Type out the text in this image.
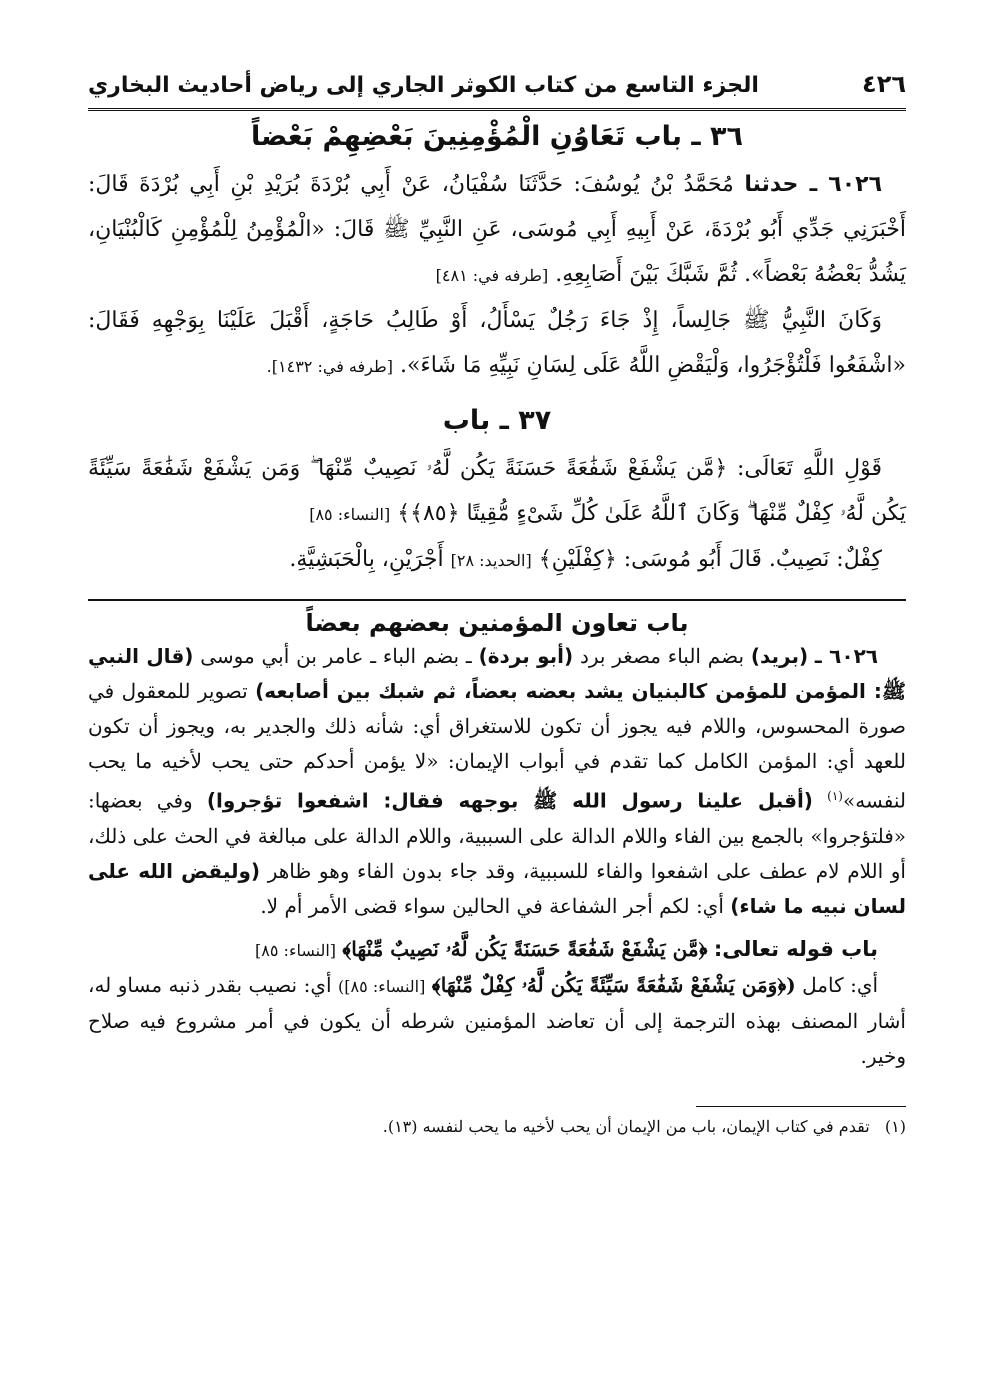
٤٢٦
الجزء التاسع من كتاب الكوثر الجاري إلى رياض أحاديث البخاري
٣٦ ـ باب تَعَاوُنِ الْمُؤْمِنِينَ بَعْضِهِمْ بَعْضاً

٦٠٢٦ ـ حدثنا مُحَمَّدُ بْنُ يُوسُفَ: حَدَّثَنَا سُفْيَانُ، عَنْ أَبِي بُرْدَةَ بُرَيْدِ بْنِ أَبِي بُرْدَةَ قَالَ: أَخْبَرَنِي جَدِّي أَبُو بُرْدَةَ، عَنْ أَبِيهِ أَبِي مُوسَى، عَنِ النَّبِيِّ ﷺ قَالَ: «الْمُؤْمِنُ لِلْمُؤْمِنِ كَالْبُنْيَانِ، يَشُدُّ بَعْضُهُ بَعْضاً». ثُمَّ شَبَّكَ بَيْنَ أَصَابِعِهِ. [طرفه في: ٤٨١]

وَكَانَ النَّبِيُّ ﷺ جَالِساً، إِذْ جَاءَ رَجُلٌ يَسْأَلُ، أَوْ طَالِبُ حَاجَةٍ، أَقْبَلَ عَلَيْنَا بِوَجْهِهِ فَقَالَ: «اشْفَعُوا فَلْتُؤْجَرُوا، وَلْيَقْضِ اللَّهُ عَلَى لِسَانِ نَبِيِّهِ مَا شَاءَ». [طرفه في: ١٤٣٢].

٣٧ ـ باب

قَوْلِ اللَّهِ تَعَالَى: ﴿مَّن يَشْفَعْ شَفَٰعَةً حَسَنَةً يَكُن لَّهُۥ نَصِيبٌ مِّنْهَا ۖ وَمَن يَشْفَعْ شَفَٰعَةً سَيِّئَةً يَكُن لَّهُۥ كِفْلٌ مِّنْهَا ۗ وَكَانَ ٱللَّهُ عَلَىٰ كُلِّ شَىْءٍ مُّقِيتًا ﴿٨٥﴾﴾ [النساء: ٨٥]

كِفْلٌ: نَصِيبٌ. قَالَ أَبُو مُوسَى: ﴿كِفْلَيْنِ﴾ [الحديد: ٢٨] أَجْرَيْنِ، بِالْحَبَشِيَّةِ.

باب تعاون المؤمنين بعضهم بعضاً

٦٠٢٦ ـ (بريد) بضم الباء مصغر برد (أبو بردة) ـ بضم الباء ـ عامر بن أبي موسى (قال النبي ﷺ: المؤمن للمؤمن كالبنيان يشد بعضه بعضاً، ثم شبك بين أصابعه) تصوير للمعقول في صورة المحسوس، واللام فيه يجوز أن تكون للاستغراق أي: شأنه ذلك والجدير به، ويجوز أن تكون للعهد أي: المؤمن الكامل كما تقدم في أبواب الإيمان: «لا يؤمن أحدكم حتى يحب لأخيه ما يحب لنفسه»$^{(١)}$ (أقبل علينا رسول الله ﷺ بوجهه فقال: اشفعوا تؤجروا) وفي بعضها: «فلتؤجروا» بالجمع بين الفاء واللام الدالة على السببية، واللام الدالة على مبالغة في الحث على ذلك، أو اللام لام عطف على اشفعوا والفاء للسببية، وقد جاء بدون الفاء وهو ظاهر (وليقض الله على لسان نبيه ما شاء) أي: لكم أجر الشفاعة في الحالين سواء قضى الأمر أم لا.

باب قوله تعالى: ﴿مَّن يَشْفَعْ شَفَٰعَةً حَسَنَةً يَكُن لَّهُۥ نَصِيبٌ مِّنْهَا﴾ [النساء: ٨٥]

أي: كامل (﴿وَمَن يَشْفَعْ شَفَٰعَةً سَيِّئَةً يَكُن لَّهُۥ كِفْلٌ مِّنْهَا﴾ [النساء: ٨٥]) أي: نصيب بقدر ذنبه مساو له، أشار المصنف بهذه الترجمة إلى أن تعاضد المؤمنين شرطه أن يكون في أمر مشروع فيه صلاح وخير.

(١)   تقدم في كتاب الإيمان، باب من الإيمان أن يحب لأخيه ما يحب لنفسه (١٣).
